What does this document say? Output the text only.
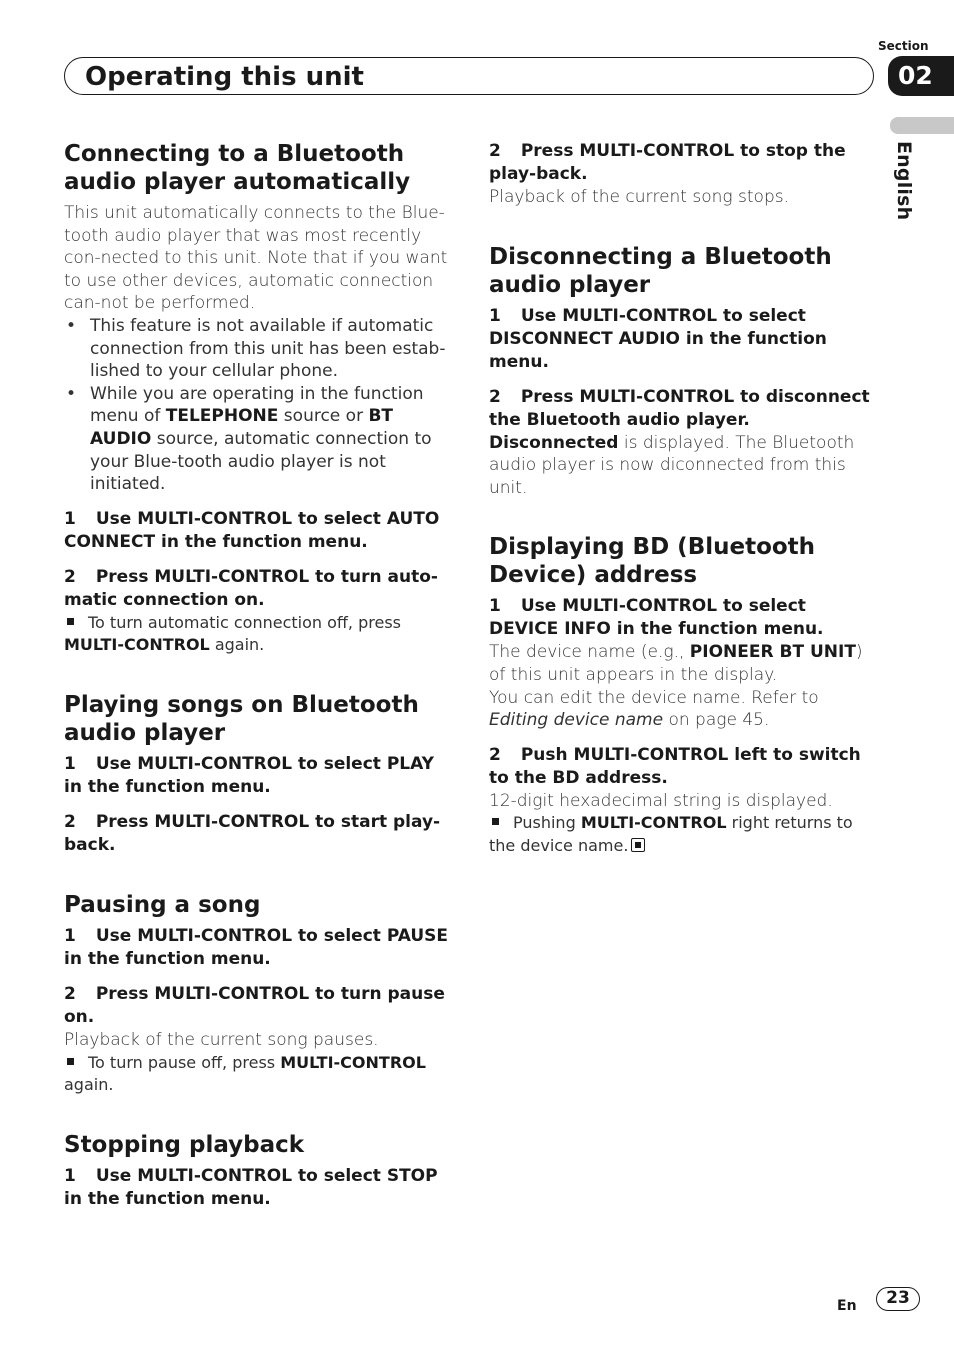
Section
02
Operating this unit
English
Connecting to a Bluetooth audio player automatically

This unit automatically connects to the Blue-tooth audio player that was most recently con-nected to this unit. Note that if you want to use other devices, automatic connection can-not be performed.

• This feature is not available if automatic connection from this unit has been estab-lished to your cellular phone.

• While you are operating in the function menu of TELEPHONE source or BT AUDIO source, automatic connection to your Blue-tooth audio player is not initiated.

1 Use MULTI-CONTROL to select AUTO CONNECT in the function menu.

2 Press MULTI-CONTROL to turn auto-matic connection on.

To turn automatic connection off, press MULTI-CONTROL again.

Playing songs on Bluetooth audio player

1 Use MULTI-CONTROL to select PLAY in the function menu.

2 Press MULTI-CONTROL to start play-back.

Pausing a song

1 Use MULTI-CONTROL to select PAUSE in the function menu.

2 Press MULTI-CONTROL to turn pause on.

Playback of the current song pauses.

To turn pause off, press MULTI-CONTROL again.

Stopping playback

1 Use MULTI-CONTROL to select STOP in the function menu.

2 Press MULTI-CONTROL to stop the play-back.

Playback of the current song stops.

Disconnecting a Bluetooth audio player

1 Use MULTI-CONTROL to select DISCONNECT AUDIO in the function menu.

2 Press MULTI-CONTROL to disconnect the Bluetooth audio player.

Disconnected is displayed. The Bluetooth audio player is now diconnected from this unit.

Displaying BD (Bluetooth Device) address

1 Use MULTI-CONTROL to select DEVICE INFO in the function menu.

The device name (e.g., PIONEER BT UNIT) of this unit appears in the display.

You can edit the device name. Refer to Editing device name on page 45.

2 Push MULTI-CONTROL left to switch to the BD address.

12-digit hexadecimal string is displayed.

Pushing MULTI-CONTROL right returns to the device name.

En	23
